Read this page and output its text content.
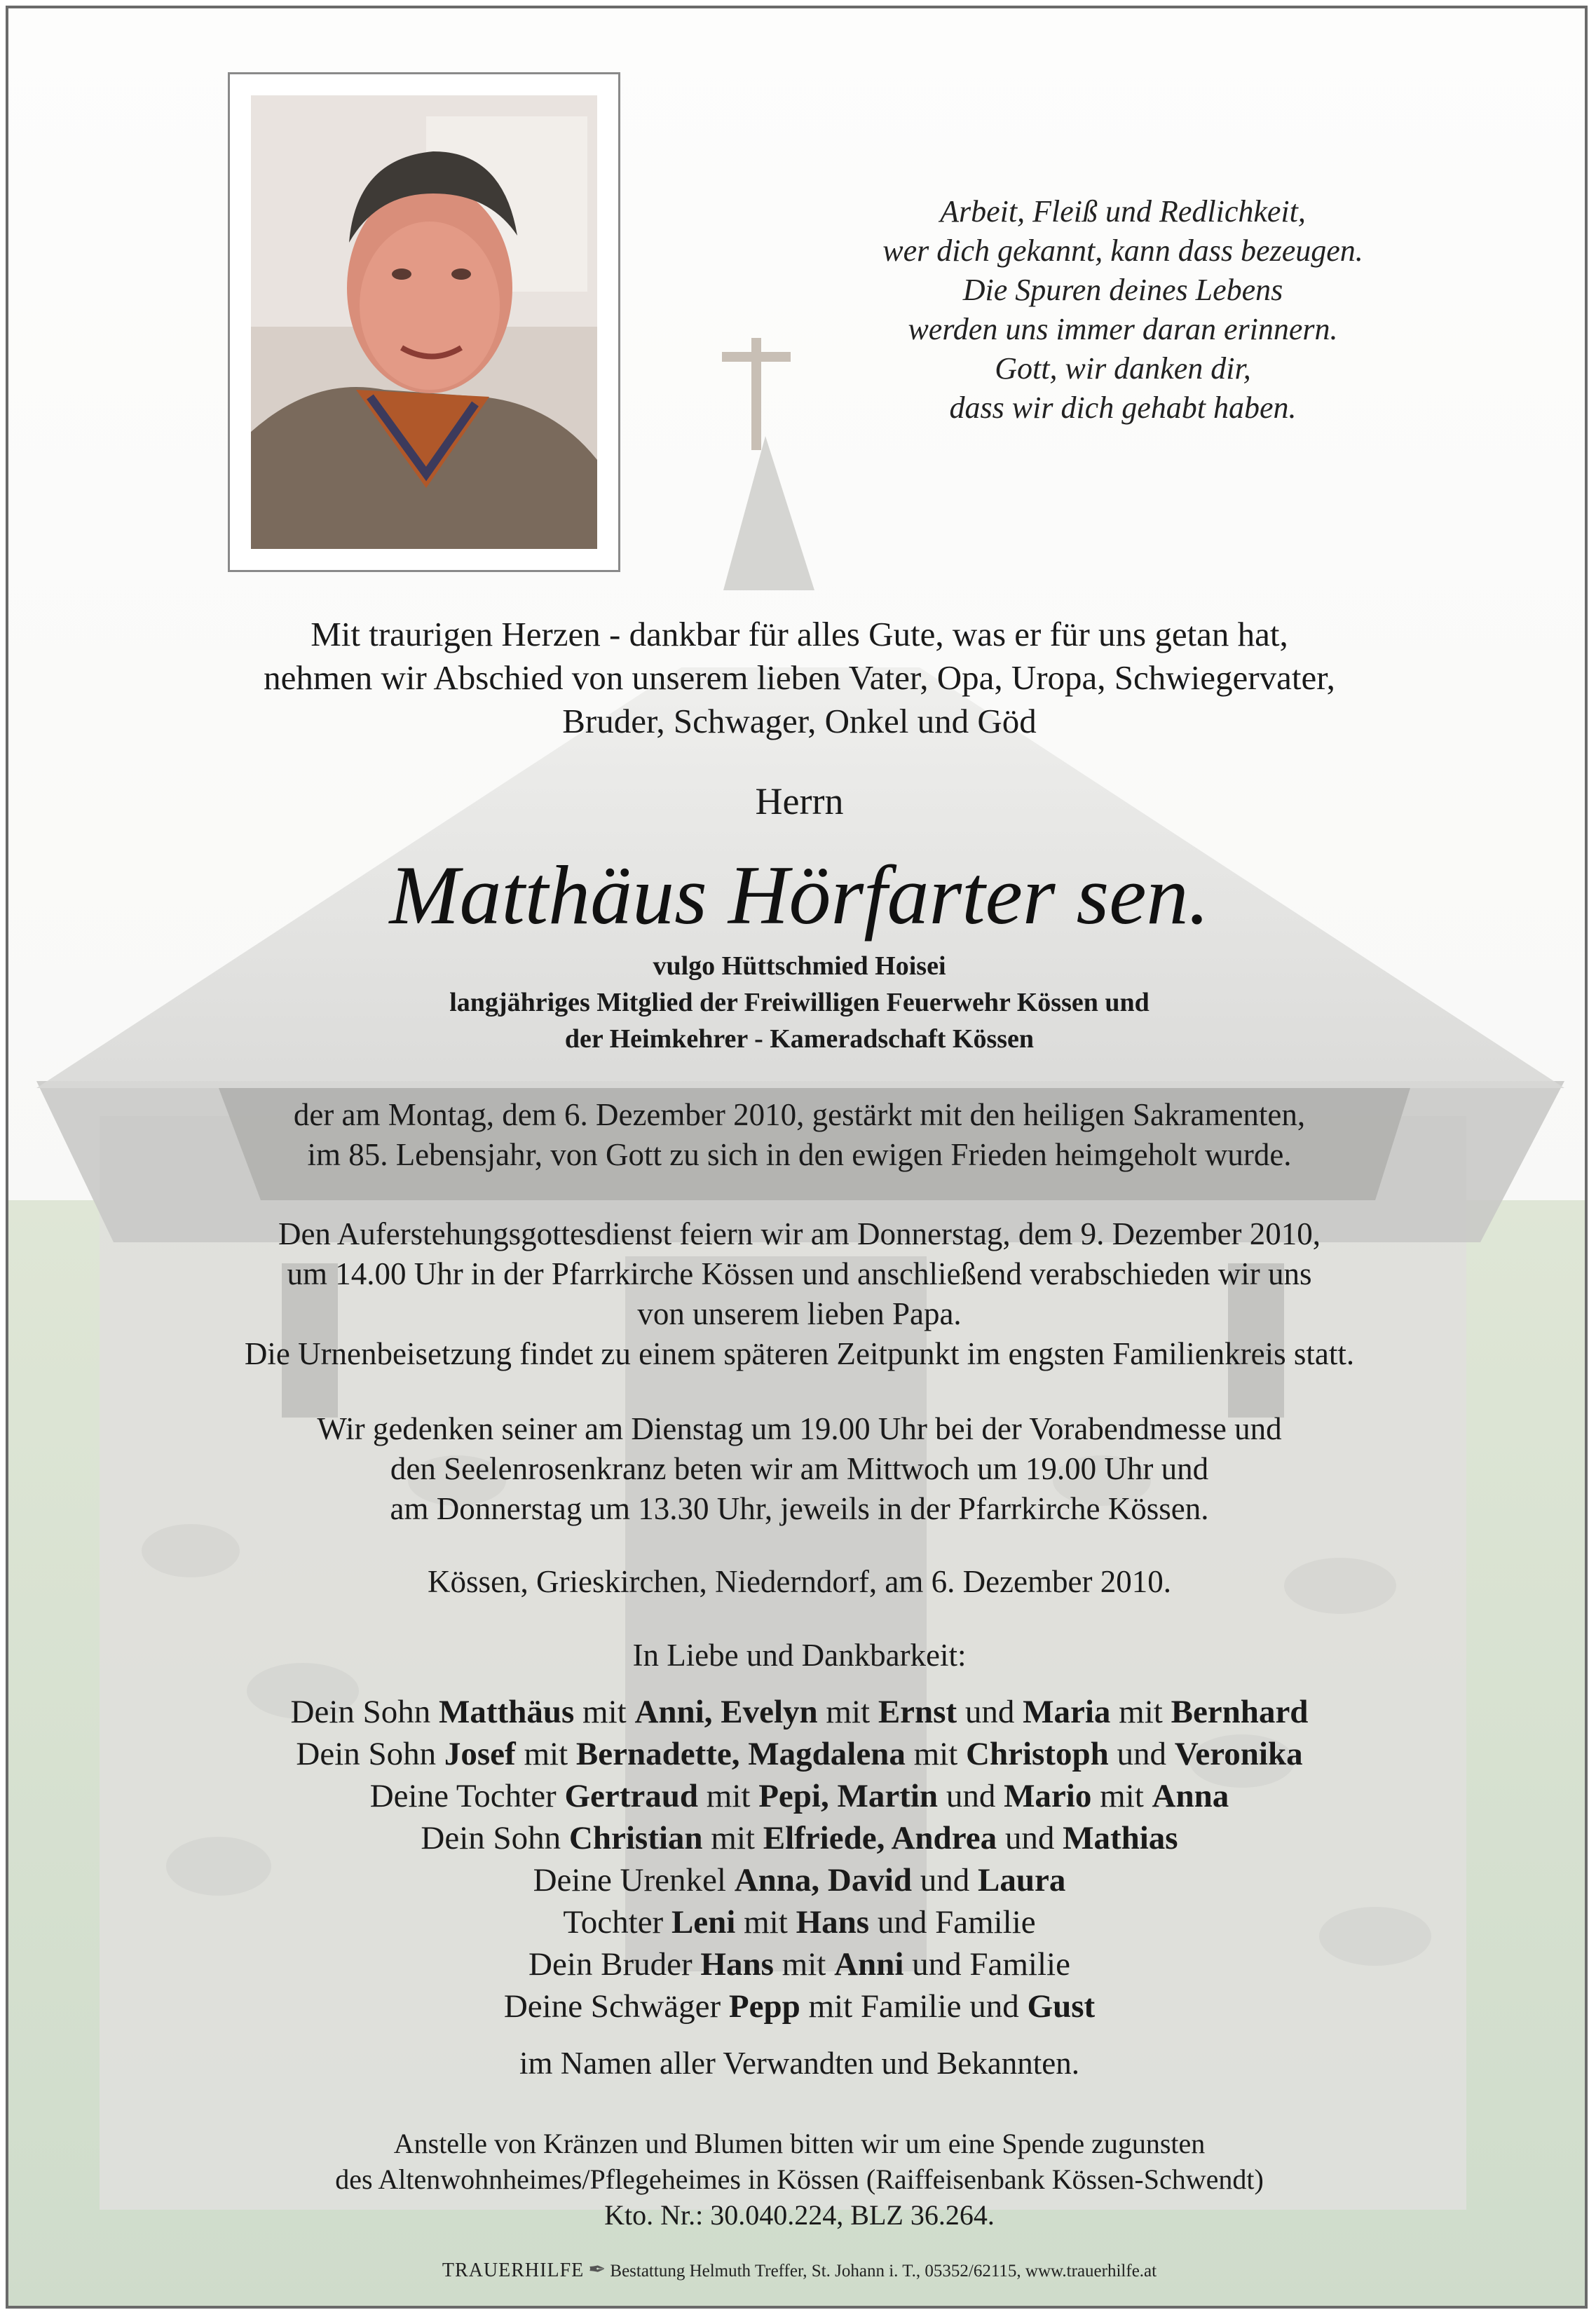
Arbeit, Fleiß und Redlichkeit,
wer dich gekannt, kann dass bezeugen.
Die Spuren deines Lebens
werden uns immer daran erinnern.
Gott, wir danken dir,
dass wir dich gehabt haben.
Mit traurigen Herzen - dankbar für alles Gute, was er für uns getan hat,
nehmen wir Abschied von unserem lieben Vater, Opa, Uropa, Schwiegervater,
Bruder, Schwager, Onkel und Göd
Herrn
Matthäus Hörfarter sen.
vulgo Hüttschmied Hoisei
langjähriges Mitglied der Freiwilligen Feuerwehr Kössen und
der Heimkehrer - Kameradschaft Kössen
der am Montag, dem 6. Dezember 2010, gestärkt mit den heiligen Sakramenten,
im 85. Lebensjahr, von Gott zu sich in den ewigen Frieden heimgeholt wurde.
Den Auferstehungsgottesdienst feiern wir am Donnerstag, dem 9. Dezember 2010,
um 14.00 Uhr in der Pfarrkirche Kössen und anschließend verabschieden wir uns
von unserem lieben Papa.
Die Urnenbeisetzung findet zu einem späteren Zeitpunkt im engsten Familienkreis statt.
Wir gedenken seiner am Dienstag um 19.00 Uhr bei der Vorabendmesse und
den Seelenrosenkranz beten wir am Mittwoch um 19.00 Uhr und
am Donnerstag um 13.30 Uhr, jeweils in der Pfarrkirche Kössen.
Kössen, Grieskirchen, Niederndorf, am 6. Dezember 2010.
In Liebe und Dankbarkeit:
Dein Sohn Matthäus mit Anni, Evelyn mit Ernst und Maria mit Bernhard
Dein Sohn Josef mit Bernadette, Magdalena mit Christoph und Veronika
Deine Tochter Gertraud mit Pepi, Martin und Mario mit Anna
Dein Sohn Christian mit Elfriede, Andrea und Mathias
Deine Urenkel Anna, David und Laura
Tochter Leni mit Hans und Familie
Dein Bruder Hans mit Anni und Familie
Deine Schwäger Pepp mit Familie und Gust
im Namen aller Verwandten und Bekannten.
Anstelle von Kränzen und Blumen bitten wir um eine Spende zugunsten
des Altenwohnheimes/Pflegeheimes in Kössen (Raiffeisenbank Kössen-Schwendt)
Kto. Nr.: 30.040.224, BLZ 36.264.
TRAUERHILFE ✒ Bestattung Helmuth Treffer, St. Johann i. T., 05352/62115, www.trauerhilfe.at
